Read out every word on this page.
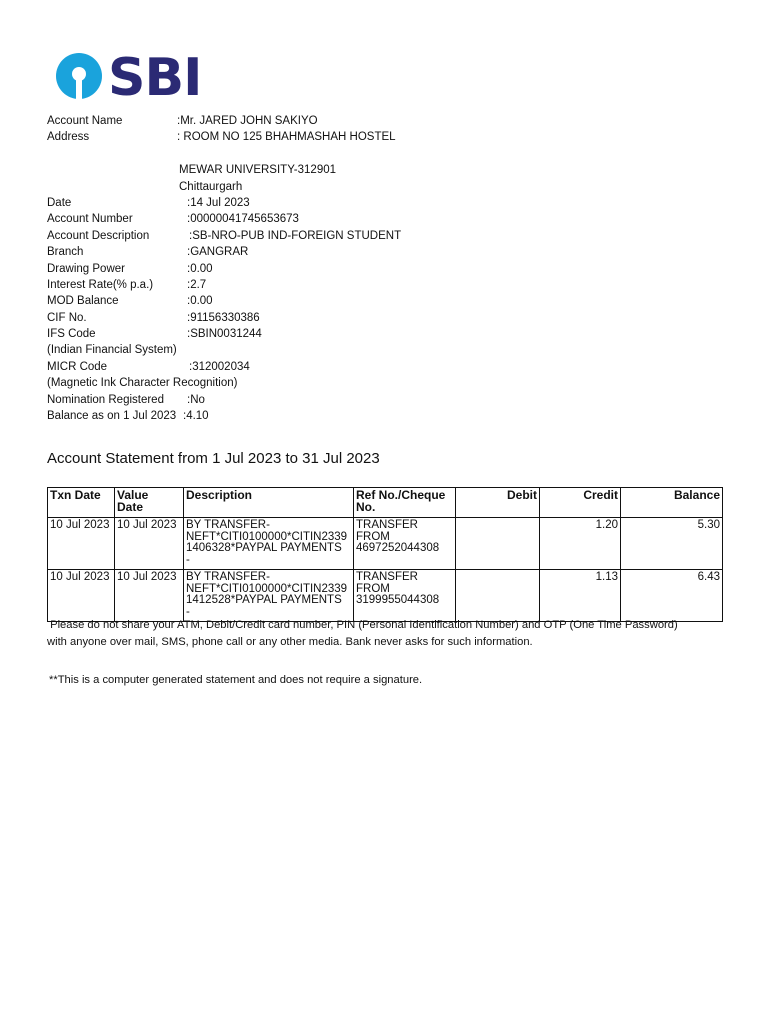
SBI
Account Name	:Mr. JARED JOHN SAKIYO
Address	: ROOM NO 125 BHAHMASHAH HOSTEL
MEWAR UNIVERSITY-312901
Chittaurgarh
Date	:14 Jul 2023
Account Number	:00000041745653673
Account Description	:SB-NRO-PUB IND-FOREIGN STUDENT
Branch	:GANGRAR
Drawing Power	:0.00
Interest Rate(% p.a.)	:2.7
MOD Balance	:0.00
CIF No.	:91156330386
IFS Code	:SBIN0031244
(Indian Financial System)
MICR Code	:312002034
(Magnetic Ink Character Recognition)
Nomination Registered :No
Balance as on 1 Jul 2023 :4.10
Account Statement from 1 Jul 2023 to 31 Jul 2023
Txn Date	Value
Date	Description	Ref No./Cheque
No.	Debit	Credit	Balance
10 Jul 2023	10 Jul 2023	BY TRANSFER-
NEFT*CITI0100000*CITIN2339
1406328*PAYPAL PAYMENTS
-	TRANSFER
FROM
4697252044308		1.20	5.30
10 Jul 2023	10 Jul 2023	BY TRANSFER-
NEFT*CITI0100000*CITIN2339
1412528*PAYPAL PAYMENTS
-	TRANSFER
FROM
3199955044308		1.13	6.43
Please do not share your ATM, Debit/Credit card number, PIN (Personal Identification Number) and OTP (One Time Password)
with anyone over mail, SMS, phone call or any other media. Bank never asks for such information.
**This is a computer generated statement and does not require a signature.
